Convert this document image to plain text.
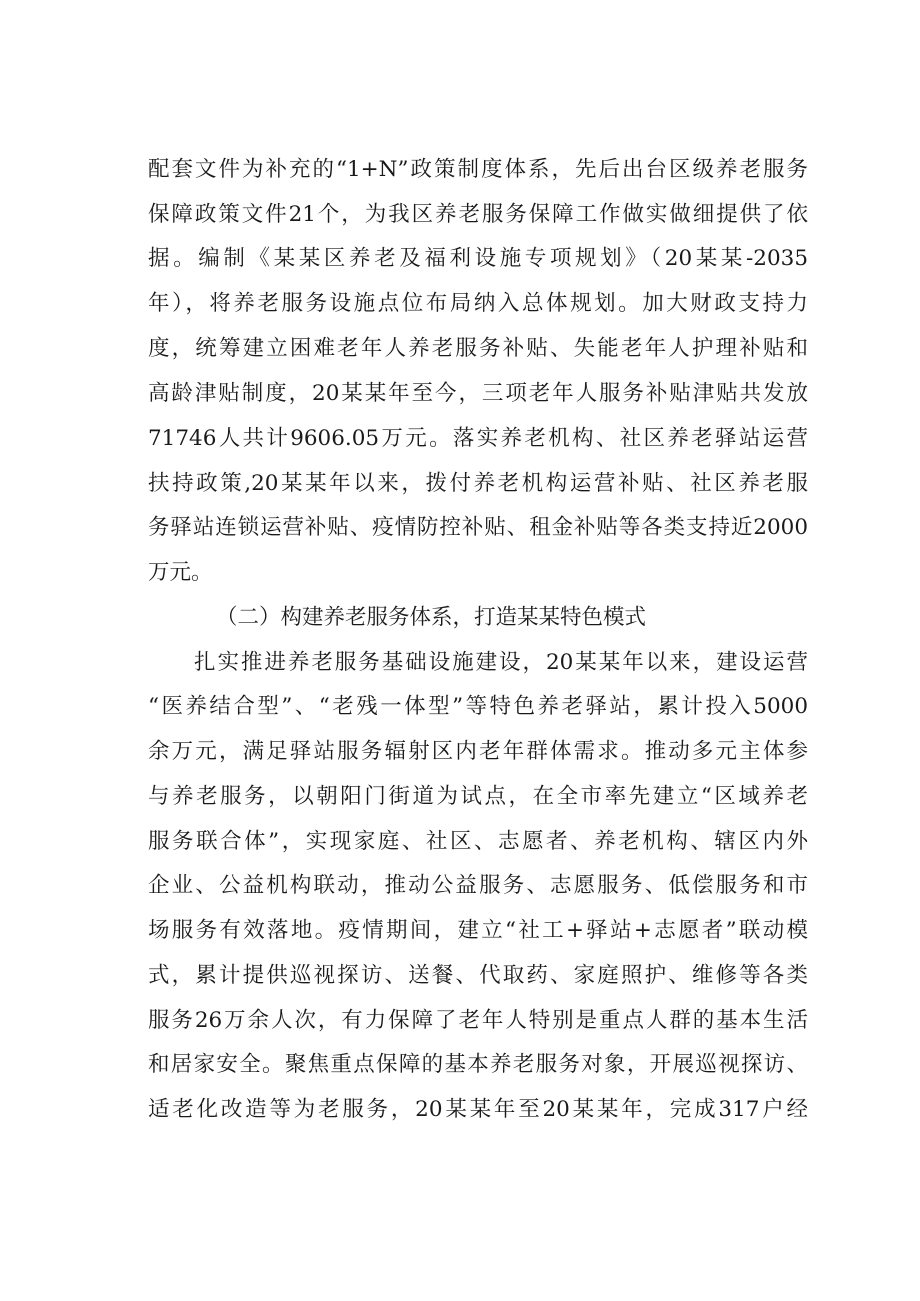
配套文件为补充的“1+N”政策制度体系，先后出台区级养老服务
保障政策文件21个，为我区养老服务保障工作做实做细提供了依
据。编制《某某区养老及福利设施专项规划》（20某某-2035
年），将养老服务设施点位布局纳入总体规划。加大财政支持力
度，统筹建立困难老年人养老服务补贴、失能老年人护理补贴和
高龄津贴制度，20某某年至今，三项老年人服务补贴津贴共发放
71746人共计9606.05万元。落实养老机构、社区养老驿站运营
扶持政策,20某某年以来，拨付养老机构运营补贴、社区养老服
务驿站连锁运营补贴、疫情防控补贴、租金补贴等各类支持近2000
万元。
（二）构建养老服务体系，打造某某特色模式
扎实推进养老服务基础设施建设，20某某年以来，建设运营
“医养结合型”、“老残一体型”等特色养老驿站，累计投入5000
余万元，满足驿站服务辐射区内老年群体需求。推动多元主体参
与养老服务，以朝阳门街道为试点，在全市率先建立“区域养老
服务联合体”，实现家庭、社区、志愿者、养老机构、辖区内外
企业、公益机构联动，推动公益服务、志愿服务、低偿服务和市
场服务有效落地。疫情期间，建立“社工+驿站+志愿者”联动模
式，累计提供巡视探访、送餐、代取药、家庭照护、维修等各类
服务26万余人次，有力保障了老年人特别是重点人群的基本生活
和居家安全。聚焦重点保障的基本养老服务对象，开展巡视探访、
适老化改造等为老服务，20某某年至20某某年，完成317户经
